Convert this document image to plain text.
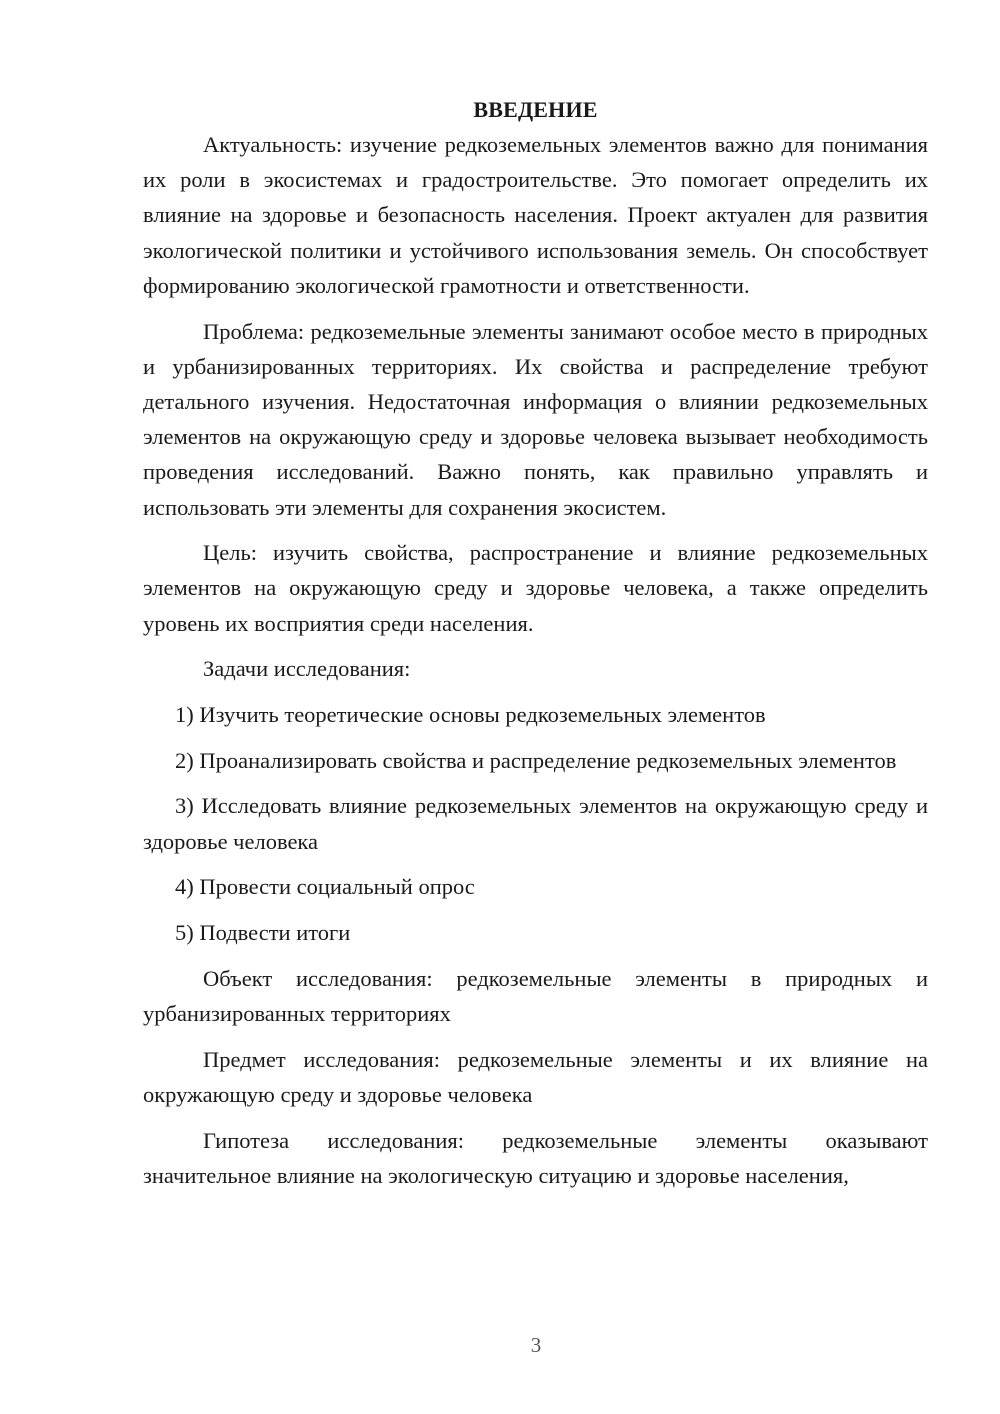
ВВЕДЕНИЕ

Актуальность: изучение редкоземельных элементов важно для понимания их роли в экосистемах и градостроительстве. Это помогает определить их влияние на здоровье и безопасность населения. Проект актуален для развития экологической политики и устойчивого использования земель. Он способствует формированию экологической грамотности и ответственности.

Проблема: редкоземельные элементы занимают особое место в природных и урбанизированных территориях. Их свойства и распределение требуют детального изучения. Недостаточная информация о влиянии редкоземельных элементов на окружающую среду и здоровье человека вызывает необходимость проведения исследований. Важно понять, как правильно управлять и использовать эти элементы для сохранения экосистем.

Цель: изучить свойства, распространение и влияние редкоземельных элементов на окружающую среду и здоровье человека, а также определить уровень их восприятия среди населения.

Задачи исследования:

1) Изучить теоретические основы редкоземельных элементов

2) Проанализировать свойства и распределение редкоземельных элементов

3) Исследовать влияние редкоземельных элементов на окружающую среду и здоровье человека

4) Провести социальный опрос

5) Подвести итоги

Объект исследования: редкоземельные элементы в природных и урбанизированных территориях

Предмет исследования: редкоземельные элементы и их влияние на окружающую среду и здоровье человека

Гипотеза исследования: редкоземельные элементы оказывают значительное влияние на экологическую ситуацию и здоровье населения,

3
